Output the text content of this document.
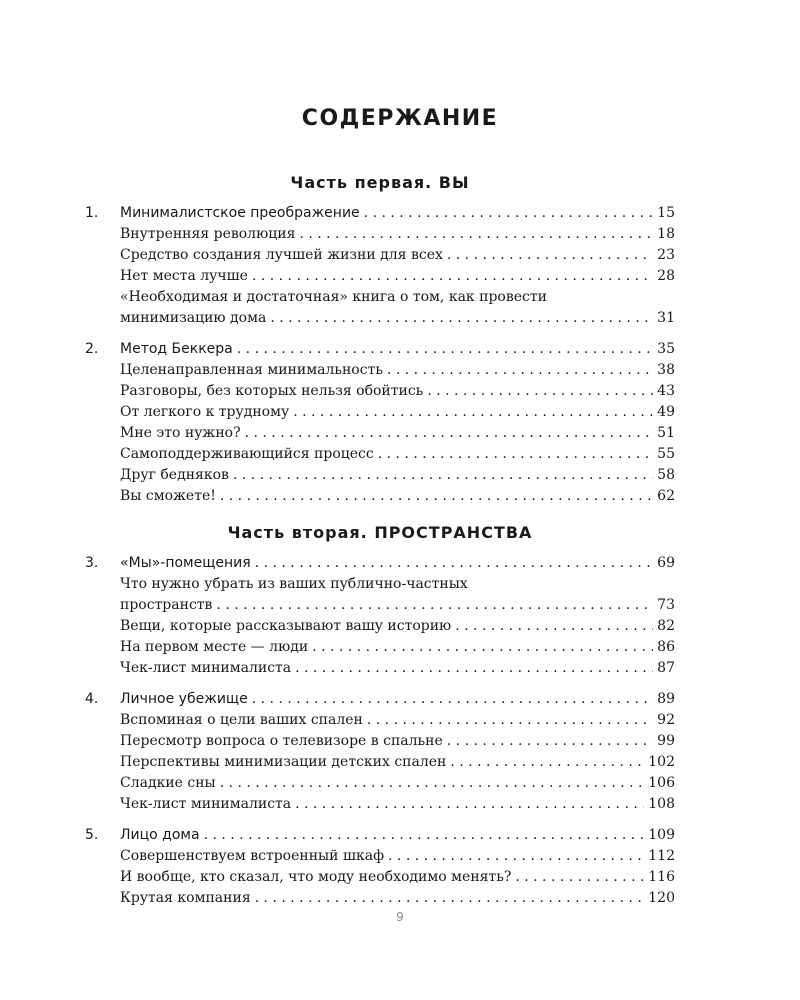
СОДЕРЖАНИЕ
Часть первая. ВЫ
1.	Минималистское преображение . . .	15
Внутренняя революция . . .	18
Средство создания лучшей жизни для всех . . .	23
Нет места лучше . . .	28
«Необходимая и достаточная» книга о том, как провести
минимизацию дома . . .	31
2.	Метод Беккера . . .	35
Целенаправленная минимальность . . .	38
Разговоры, без которых нельзя обойтись . . .	43
От легкого к трудному . . .	49
Мне это нужно? . . .	51
Самоподдерживающийся процесс . . .	55
Друг бедняков . . .	58
Вы сможете! . . .	62
Часть вторая. ПРОСТРАНСТВА
3.	«Мы»-помещения . . .	69
Что нужно убрать из ваших публично-частных
пространств . . .	73
Вещи, которые рассказывают вашу историю . . .	82
На первом месте — люди . . .	86
Чек-лист минималиста . . .	87
4.	Личное убежище . . .	89
Вспоминая о цели ваших спален . . .	92
Пересмотр вопроса о телевизоре в спальне . . .	99
Перспективы минимизации детских спален . . .	102
Сладкие сны . . .	106
Чек-лист минималиста . . .	108
5.	Лицо дома . . .	109
Совершенствуем встроенный шкаф . . .	112
И вообще, кто сказал, что моду необходимо менять? . . .	116
Крутая компания . . .	120
9
